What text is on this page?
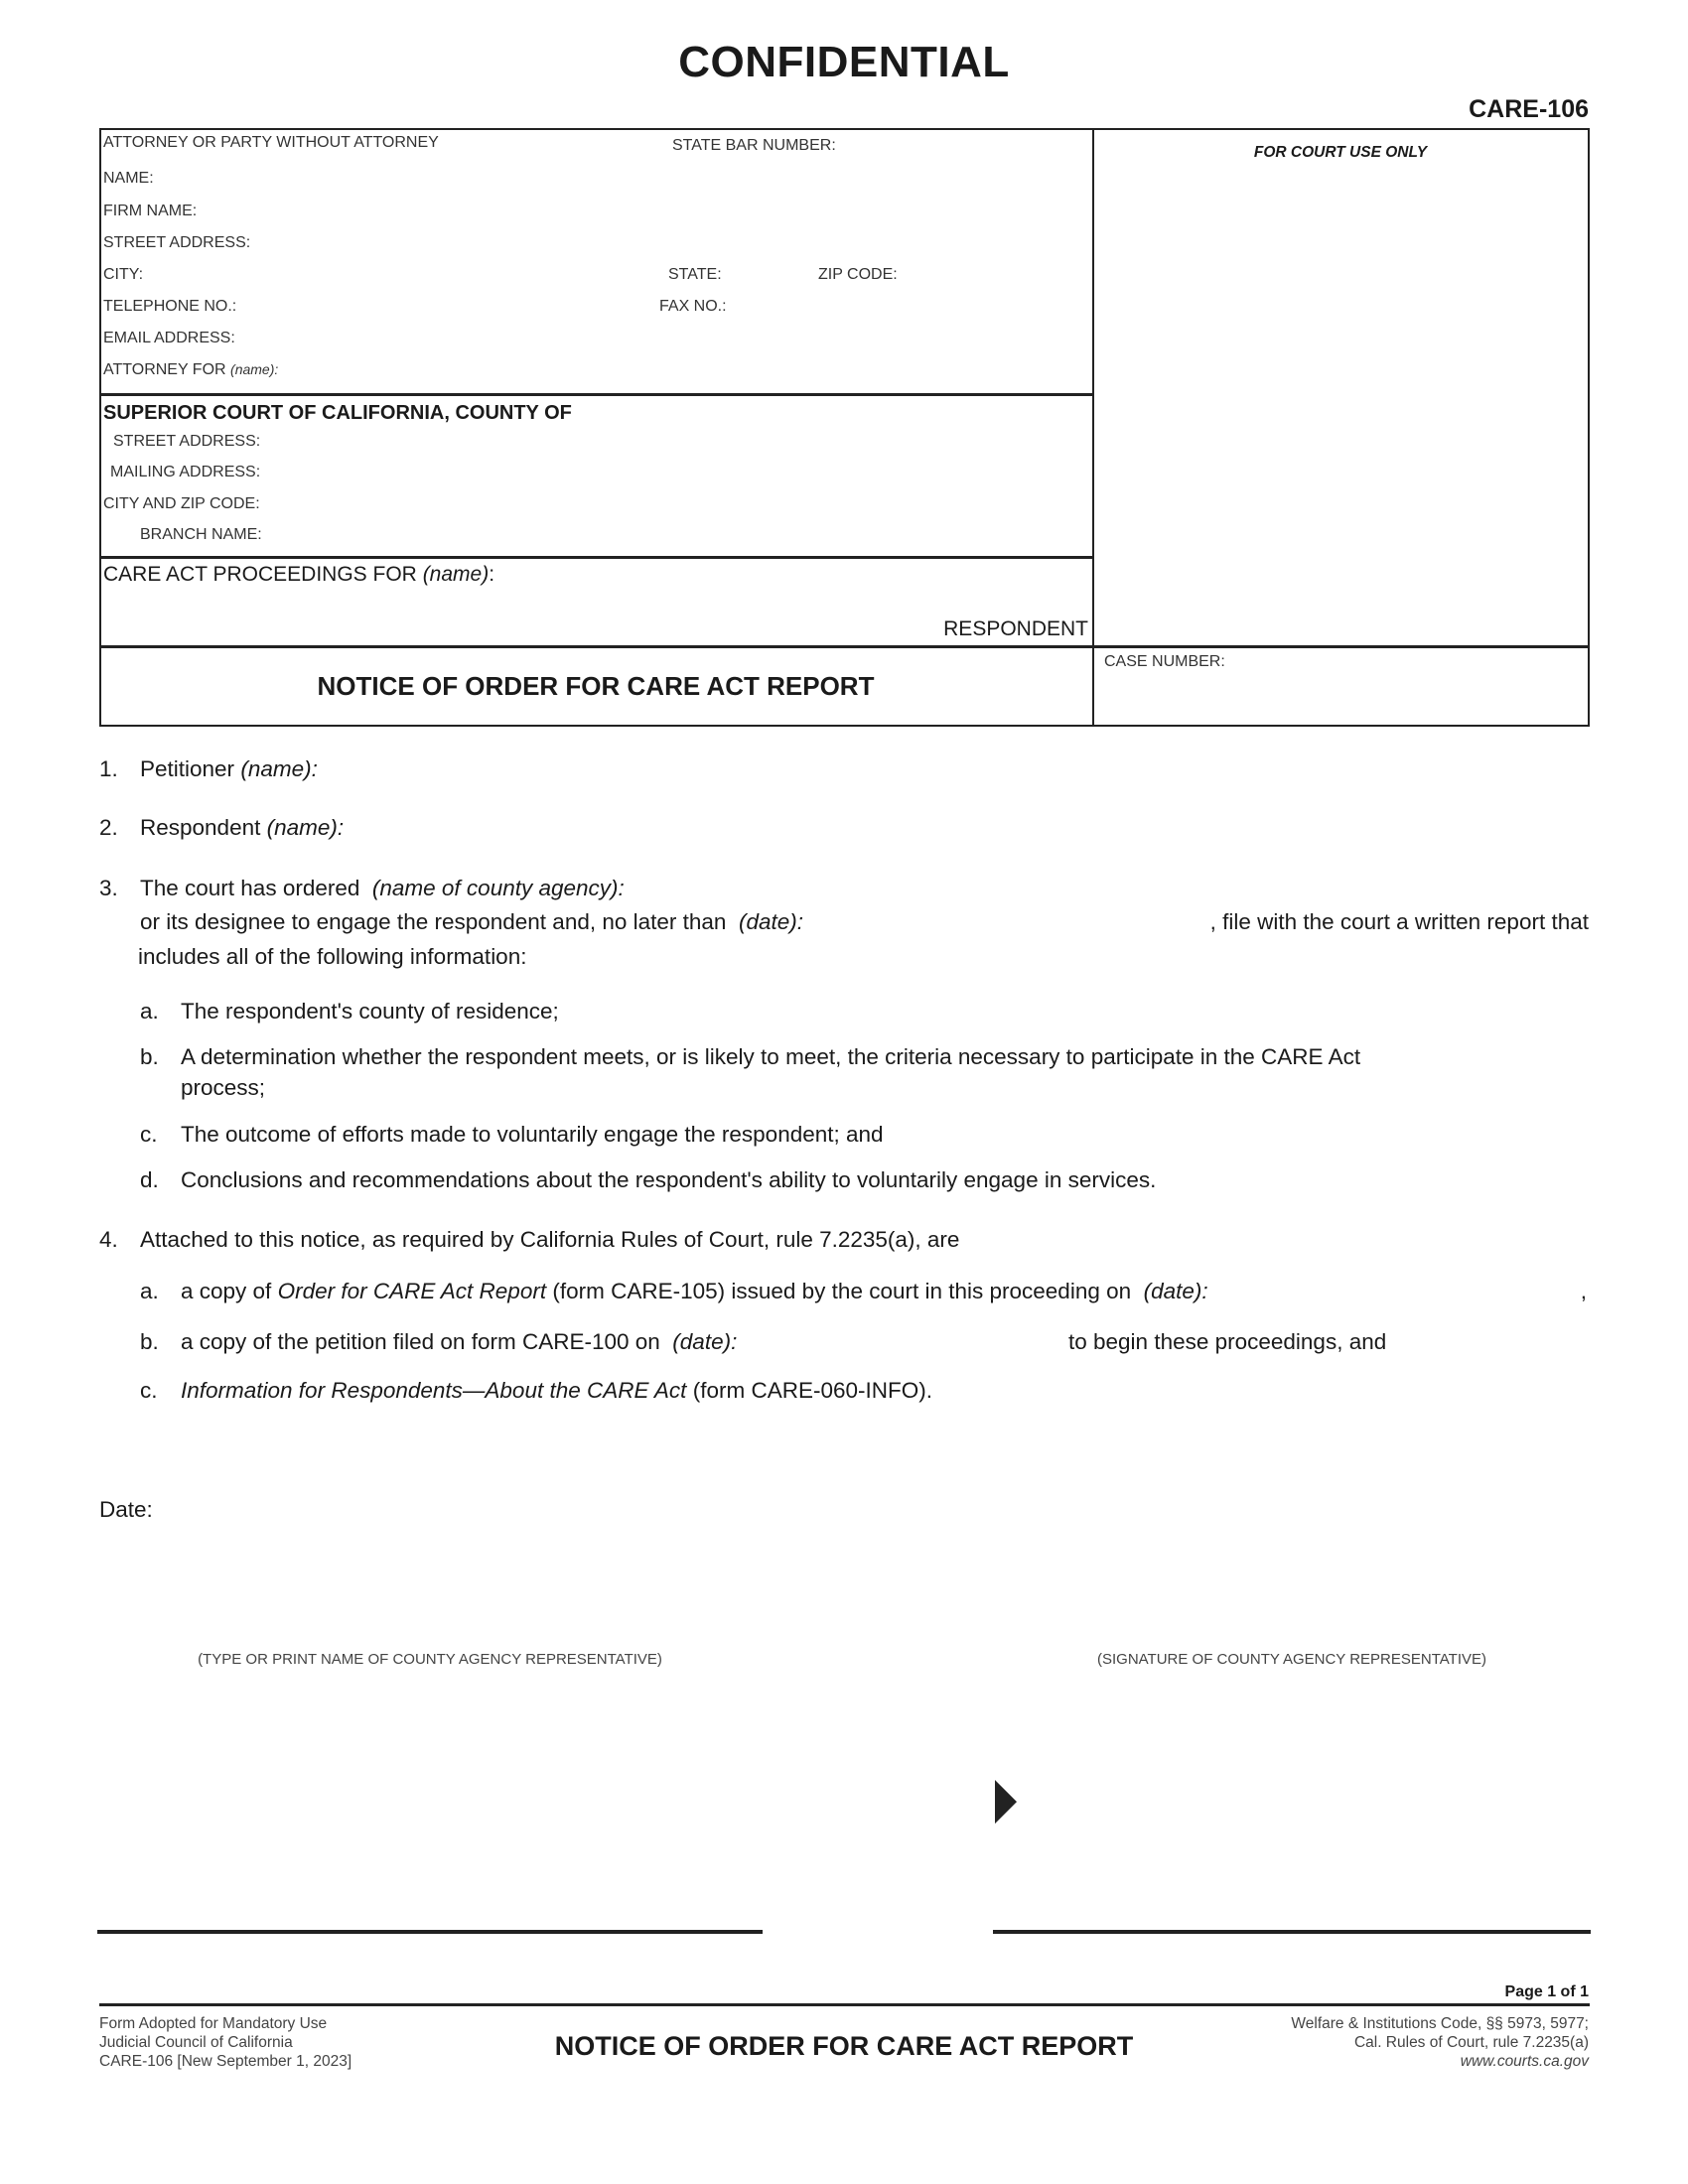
CONFIDENTIAL
CARE-106
ATTORNEY OR PARTY WITHOUT ATTORNEY	STATE BAR NUMBER:
NAME:
FIRM NAME:
STREET ADDRESS:
CITY:	STATE:	ZIP CODE:
TELEPHONE NO.:	FAX NO.:
EMAIL ADDRESS:
ATTORNEY FOR (name):
FOR COURT USE ONLY
SUPERIOR COURT OF CALIFORNIA, COUNTY OF
STREET ADDRESS:
MAILING ADDRESS:
CITY AND ZIP CODE:
BRANCH NAME:
CARE ACT PROCEEDINGS FOR (name):
RESPONDENT
NOTICE OF ORDER FOR CARE ACT REPORT
CASE NUMBER:
1. Petitioner (name):
2. Respondent (name):
3. The court has ordered (name of county agency):
or its designee to engage the respondent and, no later than (date):	, file with the court a written report that
includes all of the following information:
a. The respondent's county of residence;
b. A determination whether the respondent meets, or is likely to meet, the criteria necessary to participate in the CARE Act
process;
c. The outcome of efforts made to voluntarily engage the respondent; and
d. Conclusions and recommendations about the respondent's ability to voluntarily engage in services.
4. Attached to this notice, as required by California Rules of Court, rule 7.2235(a), are
a. a copy of Order for CARE Act Report (form CARE-105) issued by the court in this proceeding on (date):	,
b. a copy of the petition filed on form CARE-100 on (date):	to begin these proceedings, and
c. Information for Respondents—About the CARE Act (form CARE-060-INFO).
Date:
(TYPE OR PRINT NAME OF COUNTY AGENCY REPRESENTATIVE)	(SIGNATURE OF COUNTY AGENCY REPRESENTATIVE)
Page 1 of 1
Form Adopted for Mandatory Use
Judicial Council of California
CARE-106 [New September 1, 2023]
NOTICE OF ORDER FOR CARE ACT REPORT
Welfare & Institutions Code, §§ 5973, 5977;
Cal. Rules of Court, rule 7.2235(a)
www.courts.ca.gov
